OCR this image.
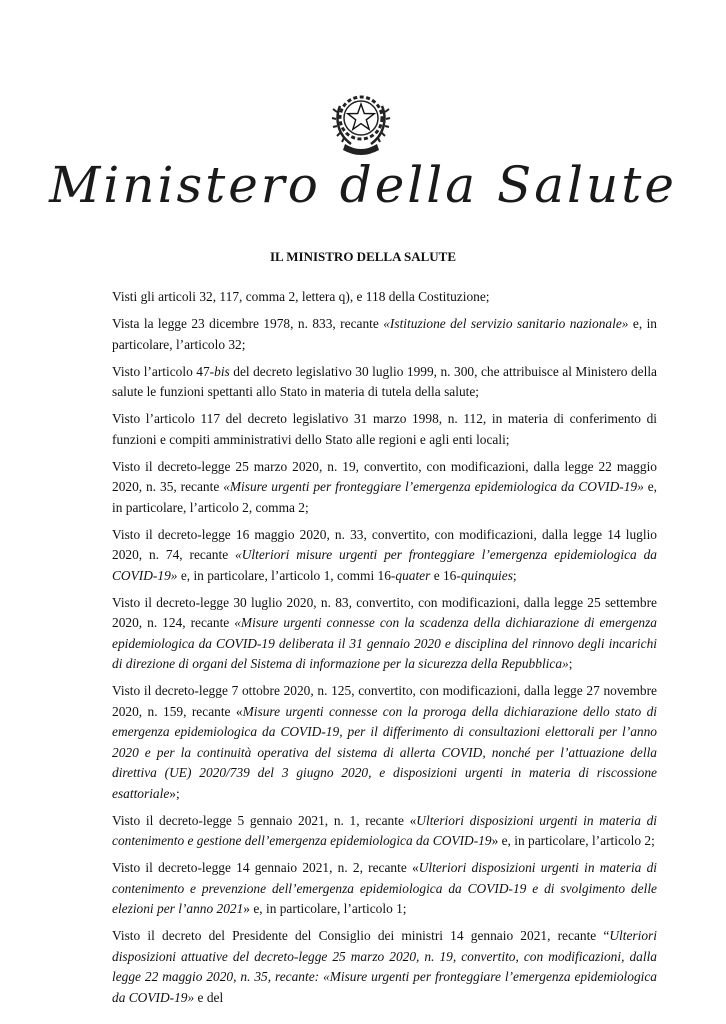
Ministero della Salute
IL MINISTRO DELLA SALUTE

Visti gli articoli 32, 117, comma 2, lettera q), e 118 della Costituzione;

Vista la legge 23 dicembre 1978, n. 833, recante «Istituzione del servizio sanitario nazionale» e, in particolare, l’articolo 32;

Visto l’articolo 47-bis del decreto legislativo 30 luglio 1999, n. 300, che attribuisce al Ministero della salute le funzioni spettanti allo Stato in materia di tutela della salute;

Visto l’articolo 117 del decreto legislativo 31 marzo 1998, n. 112, in materia di conferimento di funzioni e compiti amministrativi dello Stato alle regioni e agli enti locali;

Visto il decreto-legge 25 marzo 2020, n. 19, convertito, con modificazioni, dalla legge 22 maggio 2020, n. 35, recante «Misure urgenti per fronteggiare l’emergenza epidemiologica da COVID-19» e, in particolare, l’articolo 2, comma 2;

Visto il decreto-legge 16 maggio 2020, n. 33, convertito, con modificazioni, dalla legge 14 luglio 2020, n. 74, recante «Ulteriori misure urgenti per fronteggiare l’emergenza epidemiologica da COVID-19» e, in particolare, l’articolo 1, commi 16-quater e 16-quinquies;

Visto il decreto-legge 30 luglio 2020, n. 83, convertito, con modificazioni, dalla legge 25 settembre 2020, n. 124, recante «Misure urgenti connesse con la scadenza della dichiarazione di emergenza epidemiologica da COVID-19 deliberata il 31 gennaio 2020 e disciplina del rinnovo degli incarichi di direzione di organi del Sistema di informazione per la sicurezza della Repubblica»;

Visto il decreto-legge 7 ottobre 2020, n. 125, convertito, con modificazioni, dalla legge 27 novembre 2020, n. 159, recante «Misure urgenti connesse con la proroga della dichiarazione dello stato di emergenza epidemiologica da COVID-19, per il differimento di consultazioni elettorali per l’anno 2020 e per la continuità operativa del sistema di allerta COVID, nonché per l’attuazione della direttiva (UE) 2020/739 del 3 giugno 2020, e disposizioni urgenti in materia di riscossione esattoriale»;

Visto il decreto-legge 5 gennaio 2021, n. 1, recante «Ulteriori disposizioni urgenti in materia di contenimento e gestione dell’emergenza epidemiologica da COVID-19» e, in particolare, l’articolo 2;

Visto il decreto-legge 14 gennaio 2021, n. 2, recante «Ulteriori disposizioni urgenti in materia di contenimento e prevenzione dell’emergenza epidemiologica da COVID-19 e di svolgimento delle elezioni per l’anno 2021» e, in particolare, l’articolo 1;

Visto il decreto del Presidente del Consiglio dei ministri 14 gennaio 2021, recante “Ulteriori disposizioni attuative del decreto-legge 25 marzo 2020, n. 19, convertito, con modificazioni, dalla legge 22 maggio 2020, n. 35, recante: «Misure urgenti per fronteggiare l’emergenza epidemiologica da COVID-19» e del
